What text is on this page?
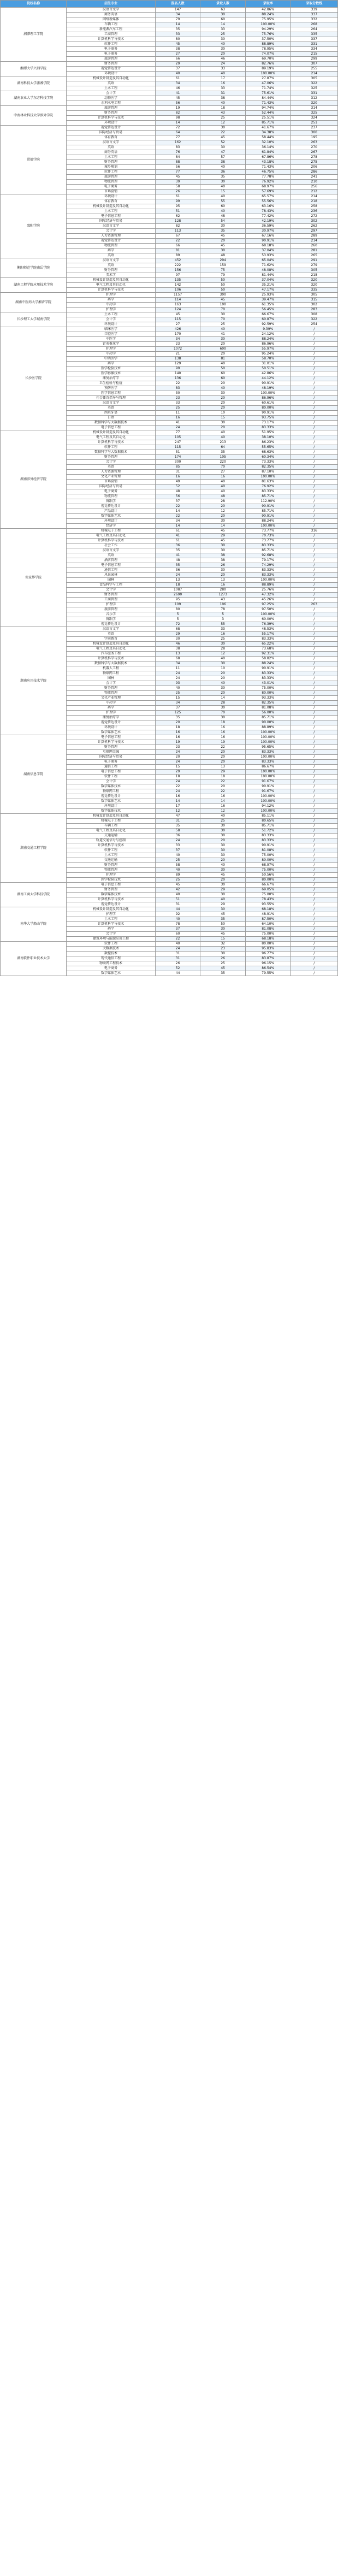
院校名称	招生专业	报名人数	录取人数	录取率	录取分数线
湘潭理工学院	汉语言文学	147	63	42.86%	339
	商务英语	34	30	88.24%	337
	网络新媒体	79	60	75.95%	332
	车辆工程	14	14	100.00%	268
	新能源汽车工程	35	33	94.29%	264
	工商管理	33	25	75.76%	335
	计算机科学与技术	80	30	37.50%	337
	软件工程	45	40	88.89%	331
	电子商务	38	30	78.95%	334
	电子商务	27	20	74.07%	215
	旅游管理	66	46	69.70%	299
湘潭大学兴湘学院	财务管理	29	24	82.76%	307
	视觉传达设计	37	33	89.19%	255
	环境设计	40	40	100.00%	214
湖南科技大学潇湘学院	机械设计制造及其自动化	61	17	27.87%	305
	英语	34	16	47.06%	322
	土木工程	46	33	71.74%	325
湖南农业大学东方科技学院	会计学	41	31	75.61%	331
	动物医学	45	38	84.44%	312
	水利水电工程	56	40	71.43%	320
中南林业科技大学涉外学院	旅游管理	19	18	94.74%	314
	财务管理	82	43	52.44%	325
	计算机科学与技术	98	25	25.51%	324
	环境设计	14	12	85.71%	251
常德学院	视觉传达设计	72	30	41.67%	237
	国际经济与贸易	64	22	34.38%	300
	体育教育	77	45	58.44%	195
	汉语言文学	162	52	32.10%	263
	英语	83	30	36.14%	270
	商务英语	76	47	61.84%	267
	土木工程	84	57	67.86%	278
	财务管理	88	38	43.18%	275
	城乡规划	56	40	71.43%	206
	软件工程	77	36	46.75%	286
	旅游管理	45	35	77.78%	241
	物流管理	39	30	76.92%	210
	电子商务	58	40	68.97%	256
	市场营销	26	15	57.69%	212
邵阳学院	环境设计	61	40	65.57%	214
	体育教育	99	55	55.56%	218
	机械设计制造及其自动化	95	60	63.16%	258
	土木工程	51	40	78.43%	236
	电子信息工程	62	48	77.42%	272
	国际经济与贸易	128	54	42.19%	302
	汉语言文学	82	30	36.59%	262
	会计学	113	35	30.97%	297
	人力资源管理	67	45	67.16%	289
	视觉传达设计	22	20	90.91%	214
	物流管理	66	45	68.18%	260
	药学	81	30	37.04%	281
	英语	89	48	53.93%	265
衡阳师范学院南岳学院	汉语言文学	452	294	65.04%	291
	英语	222	159	71.62%	279
	财务管理	156	75	48.08%	305
	美术学	97	79	81.44%	218
湖南工程学院应用技术学院	机械设计制造及其自动化	135	50	37.04%	320
	电气工程及其自动化	142	50	35.21%	320
	计算机科学与技术	106	50	47.17%	335
湖南中医药大学湘杏学院	护理学	1157	300	25.93%	305
	药学	114	45	39.47%	315
	中药学	163	100	61.35%	302
	护理学	124	70	56.45%	283
长沙理工大学城南学院	土木工程	45	30	66.67%	308
	会计学	115	70	60.87%	322
	环境设计	27	25	92.59%	254
长沙医学院	临床医学	426	40	9.39%	/
	口腔医学	170	41	24.12%	/
	中医学	34	30	88.24%	/
	针灸推拿学	23	20	86.96%	/
	护理学	1072	600	55.97%	/
	中药学	21	20	95.24%	/
	中西医学	138	81	58.70%	/
	药学	129	40	31.01%	/
	医学检验技术	99	50	50.51%	/
	医学影像技术	140	60	42.86%	/
	康复治疗学	136	60	44.12%	/
	卫生检验与检疫	22	20	90.91%	/
	预防医学	83	40	48.19%	/
	医学信息工程	30	30	100.00%	/
	社会体育指导与管理	23	20	86.96%	/
	汉语言文学	33	20	60.61%	/
	英语	25	20	80.00%	/
	西班牙语	11	10	90.91%	/
	日语	16	15	93.75%	/
	数据科学与大数据技术	41	30	73.17%	/
	电子信息工程	24	20	83.33%	/
湖南涉外经济学院	机械设计制造及其自动化	77	40	51.95%	/
	电气工程及其自动化	105	40	38.10%	/
	计算机科学与技术	247	213	86.23%	/
	软件工程	115	64	55.65%	/
	数据科学与大数据技术	51	35	68.63%	/
	财务管理	174	105	60.34%	/
	会计学	300	220	73.33%	/
	英语	85	70	82.35%	/
	人力资源管理	31	27	87.10%	/
	文化产业管理	16	16	100.00%	/
	市场营销	49	40	81.63%	/
	国际经济与贸易	52	40	76.92%	/
	电子商务	48	40	83.33%	/
	物流管理	56	48	85.71%	/
	舞蹈学	37	28	112.90%	/
	视觉传达设计	22	20	90.91%	/
	产品设计	14	12	85.71%	/
	数字媒体艺术	22	20	90.91%	/
	环境设计	34	30	88.24%	/
	经济学	14	14	100.00%	/
张家界学院	机械电子工程	61	45	73.77%	316
	电气工程及其自动化	41	29	70.73%	/
	计算机科学与技术	61	45	73.77%	/
	社会工作	36	30	83.33%	/
	汉语言文学	35	30	85.71%	/
	英语	41	38	92.68%	/
	酒店管理	48	38	79.17%	/
	电子信息工程	35	26	74.29%	/
	通信工程	36	30	83.33%	/
	风景园林	24	20	83.33%	/
	园林	13	13	100.00%	/
	食品科学与工程	18	16	88.89%	/
	会计学	1087	280	25.76%	/
	财务管理	2690	1273	47.32%	/
	工商管理	95	43	45.26%	/
	护理学	109	106	97.25%	263
	旅游管理	80	78	97.50%	/
	音乐学	5	5	100.00%	/
	舞蹈学	5	3	60.00%	/
	视觉传达设计	72	55	76.39%	/
湖南应用技术学院	汉语言文学	68	33	48.53%	/
	英语	29	16	55.17%	/
	学前教育	30	25	83.33%	/
	机械设计制造及其自动化	46	30	65.22%	/
	电气工程及其自动化	38	28	73.68%	/
	汽车服务工程	13	12	92.31%	/
	计算机科学与技术	68	40	58.82%	/
	数据科学与大数据技术	34	30	88.24%	/
	机器人工程	11	10	90.91%	/
	物联网工程	24	20	83.33%	/
	园林	24	20	83.33%	/
	会计学	93	40	43.01%	/
	财务管理	40	30	75.00%	/
	物流管理	25	20	80.00%	/
	文化产业管理	15	14	93.33%	/
	中药学	34	28	82.35%	/
	药学	37	30	81.08%	/
	护理学	125	70	56.00%	/
	康复治疗学	35	30	85.71%	/
	视觉传达设计	20	18	90.00%	/
	环境设计	18	16	88.89%	/
	数字媒体艺术	16	16	100.00%	/
湖南信息学院	电子信息工程	16	16	100.00%	/
	计算机科学与技术	19	19	100.00%	/
	财务管理	23	22	95.65%	/
	互联网金融	24	20	83.33%	/
	国际经济与贸易	20	20	100.00%	/
	电子商务	24	20	83.33%	/
	通信工程	15	13	86.67%	/
	电子信息工程	29	29	100.00%	/
	软件工程	18	18	100.00%	/
	会计学	24	22	91.67%	/
	数字媒体技术	22	20	90.91%	/
	物联网工程	24	22	91.67%	/
	视觉传达设计	16	16	100.00%	/
	数字媒体艺术	14	14	100.00%	/
	环境设计	17	16	94.12%	/
	数字媒体技术	12	12	100.00%	/
湖南交通工程学院	机械设计制造及其自动化	47	40	85.11%	/
	机械电子工程	31	25	80.65%	/
	车辆工程	35	30	85.71%	/
	电气工程及其自动化	58	30	51.72%	/
	交通运输	36	30	83.33%	/
	轨道交通信号与控制	24	20	83.33%	/
	计算机科学与技术	33	30	90.91%	/
	软件工程	37	30	81.08%	/
	土木工程	40	30	75.00%	/
	交通运输	25	20	80.00%	/
	财务管理	58	40	68.97%	/
	物流管理	40	30	75.00%	/
	护理学	89	45	50.56%	/
	医学检验技术	25	20	80.00%	/
湖南工商大学科技学院	电子信息工程	45	30	66.67%	/
	财务管理	42	29	69.05%	/
	数字媒体技术	40	30	75.00%	/
	计算机科学与技术	51	40	78.43%	/
	视觉传达设计	31	29	93.55%	/
南华大学船山学院	机械设计制造及其自动化	44	30	68.18%	/
	护理学	92	45	48.91%	/
	土木工程	40	35	87.50%	/
	计算机科学与技术	78	50	64.10%	/
	药学	37	30	81.08%	/
	会计学	60	45	75.00%	/
	建筑环境与能源应用工程	22	15	68.18%	/
湖南软件职业技术大学	软件工程	40	32	80.00%	/
	大数据技术	24	23	95.83%	/
	数控技术	31	30	96.77%	/
	现代通信工程	31	26	83.87%	/
	物联网工程技术	26	25	96.15%	/
	电子商务	52	45	86.54%	/
	数字媒体艺术	44	35	79.55%	/
